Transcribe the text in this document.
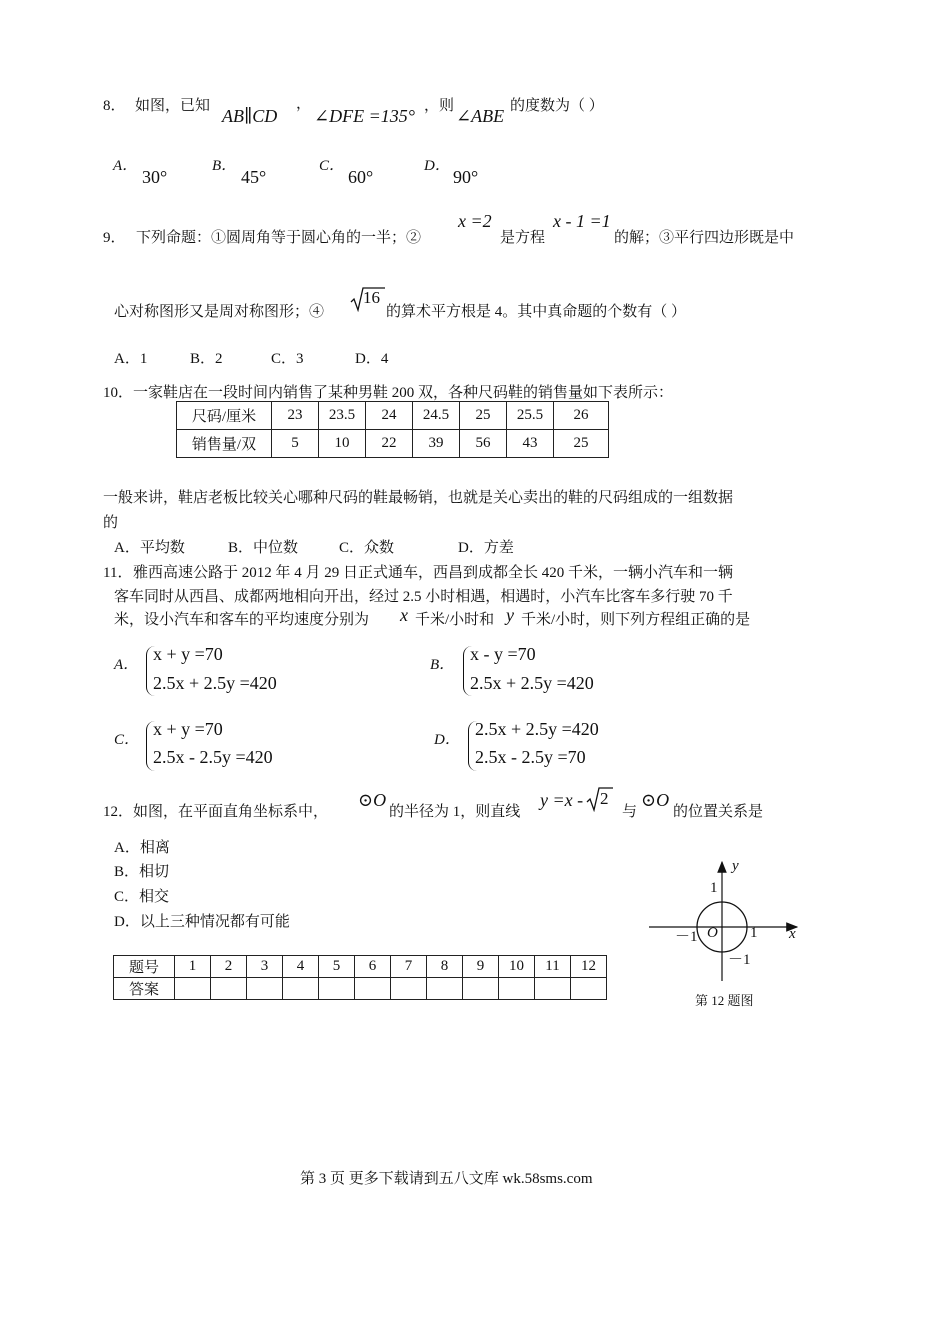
8． 如图，已知 AB∥CD
，
∠DFE =135° ，则 ∠ABE 的度数为（ ）
A．
30°
B．
45°
C．
60°
D．
90°
9． 下列命题：①圆周角等于圆心角的一半；②
x =2
是方程
x - 1 =1
的解；③平行四边形既是中
心对称图形又是周对称图形；④
16
的算术平方根是 4。其中真命题的个数有（ ）
A．1	B．2	C．3	D．4
10． 一家鞋店在一段时间内销售了某种男鞋 200 双，各种尺码鞋的销售量如下表所示：
尺码/厘米	23	23.5	24	24.5	25	25.5	26
销售量/双	5	10	22	39	56	43	25
一般来讲，鞋店老板比较关心哪种尺码的鞋最畅销，也就是关心卖出的鞋的尺码组成的一组数据
的
A．平均数	B．中位数	C．众数	D．方差
11． 雅西高速公路于 2012 年 4 月 29 日正式通车，西昌到成都全长 420 千米，一辆小汽车和一辆
客车同时从西昌、成都两地相向开出，经过 2.5 小时相遇，相遇时，小汽车比客车多行驶 70 千
米，设小汽车和客车的平均速度分别为 x 千米/小时和 y 千米/小时，则下列方程组正确的是
A．
x + y =70
2.5x + 2.5y =420
B．
x - y =70
2.5x + 2.5y =420
C．
x + y =70
2.5x - 2.5y =420
D．
2.5x + 2.5y =420
2.5x - 2.5y =70
12． 如图，在平面直角坐标系中，
⊙O
的半径为 1，则直线
y =x - 2
与
⊙O
的位置关系是
A．相离
B．相切
C．相交
D．以上三种情况都有可能
y
x
1
－1 O 1
－1
第 12 题图
题号	1	2	3	4	5	6	7	8	9	10	11	12
答案												
第 3 页 更多下载请到五八文库 wk.58sms.com
